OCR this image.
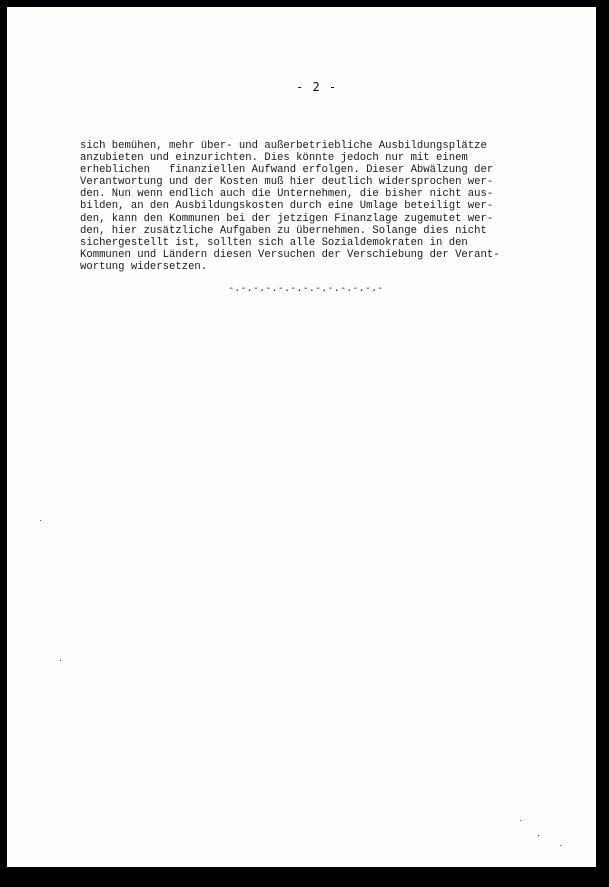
- 2 -
sich bemühen, mehr über- und außerbetriebliche Ausbildungsplätze
anzubieten und einzurichten. Dies könnte jedoch nur mit einem
erheblichen   finanziellen Aufwand erfolgen. Dieser Abwälzung der
Verantwortung und der Kosten muß hier deutlich widersprochen wer-
den. Nun wenn endlich auch die Unternehmen, die bisher nicht aus-
bilden, an den Ausbildungskosten durch eine Umlage beteiligt wer-
den, kann den Kommunen bei der jetzigen Finanzlage zugemutet wer-
den, hier zusätzliche Aufgaben zu übernehmen. Solange dies nicht
sichergestellt ist, sollten sich alle Sozialdemokraten in den
Kommunen und Ländern diesen Versuchen der Verschiebung der Verant-
wortung widersetzen.
-.-.-.-.-.-.-.-.-.-.-.-.-
